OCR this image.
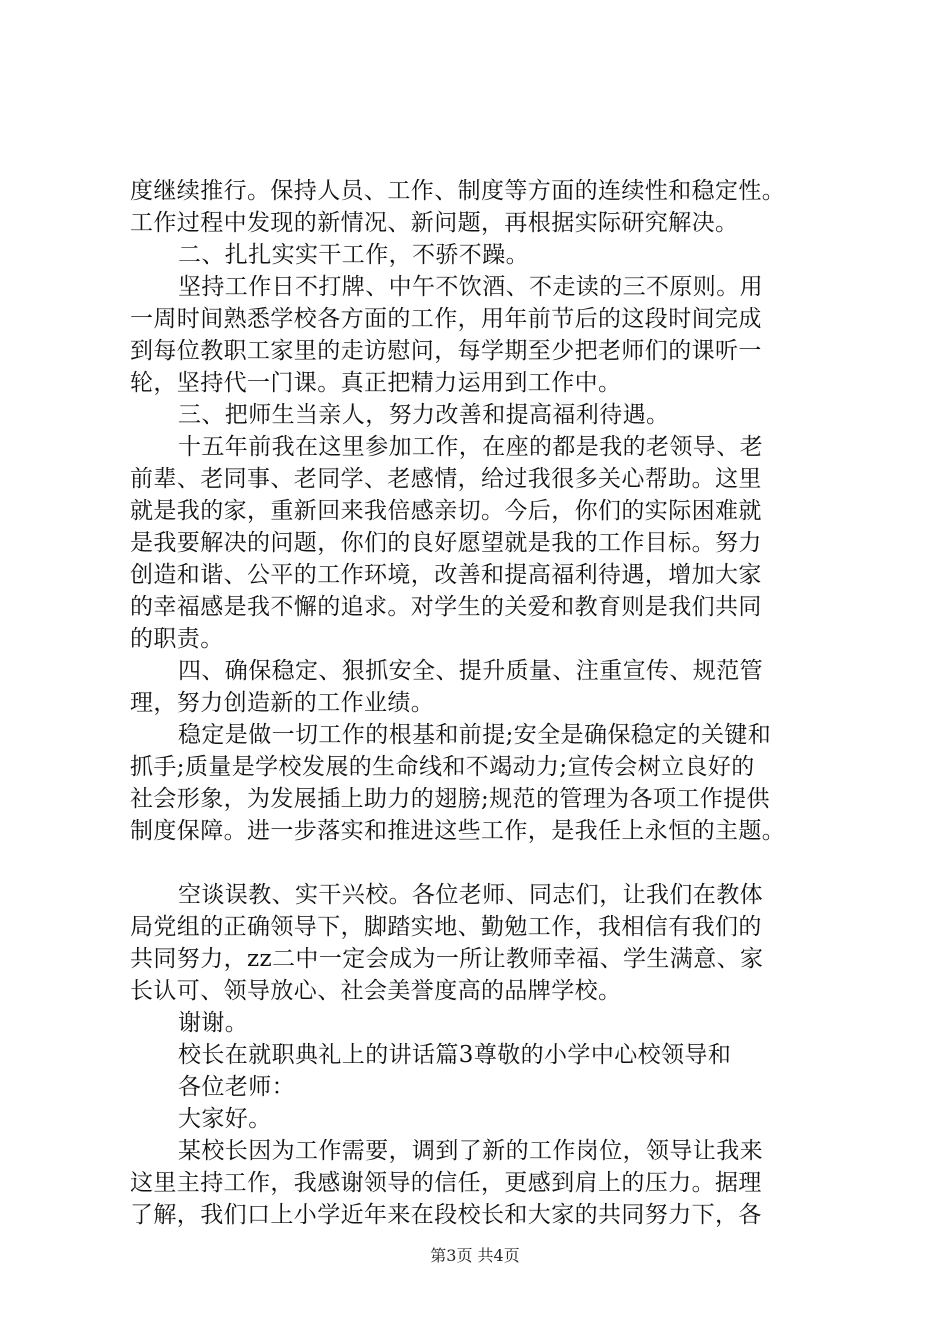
度继续推行。保持人员、工作、制度等方面的连续性和稳定性。
工作过程中发现的新情况、新问题，再根据实际研究解决。
二、扎扎实实干工作，不骄不躁。
坚持工作日不打牌、中午不饮酒、不走读的三不原则。用
一周时间熟悉学校各方面的工作，用年前节后的这段时间完成
到每位教职工家里的走访慰问，每学期至少把老师们的课听一
轮，坚持代一门课。真正把精力运用到工作中。
三、把师生当亲人，努力改善和提高福利待遇。
十五年前我在这里参加工作，在座的都是我的老领导、老
前辈、老同事、老同学、老感情，给过我很多关心帮助。这里
就是我的家，重新回来我倍感亲切。今后，你们的实际困难就
是我要解决的问题，你们的良好愿望就是我的工作目标。努力
创造和谐、公平的工作环境，改善和提高福利待遇，增加大家
的幸福感是我不懈的追求。对学生的关爱和教育则是我们共同
的职责。
四、确保稳定、狠抓安全、提升质量、注重宣传、规范管
理，努力创造新的工作业绩。
稳定是做一切工作的根基和前提;安全是确保稳定的关键和
抓手;质量是学校发展的生命线和不竭动力;宣传会树立良好的
社会形象，为发展插上助力的翅膀;规范的管理为各项工作提供
制度保障。进一步落实和推进这些工作，是我任上永恒的主题。
空谈误教、实干兴校。各位老师、同志们，让我们在教体
局党组的正确领导下，脚踏实地、勤勉工作，我相信有我们的
共同努力，zz二中一定会成为一所让教师幸福、学生满意、家
长认可、领导放心、社会美誉度高的品牌学校。
谢谢。
校长在就职典礼上的讲话篇3尊敬的小学中心校领导和
各位老师：
大家好。
某校长因为工作需要，调到了新的工作岗位，领导让我来
这里主持工作，我感谢领导的信任，更感到肩上的压力。据理
了解，我们口上小学近年来在段校长和大家的共同努力下，各
第3页 共4页
